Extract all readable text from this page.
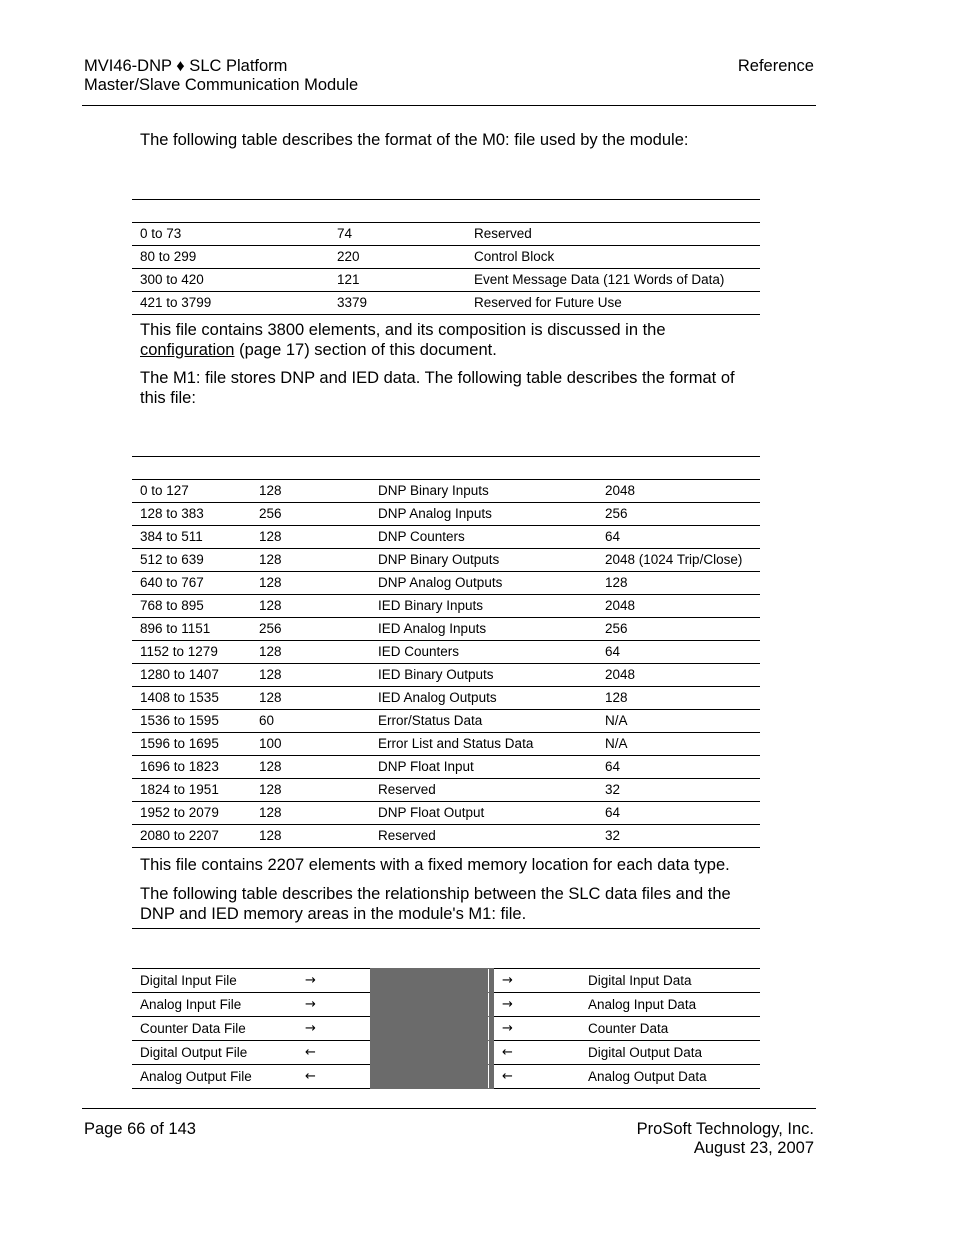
MVI46-DNP ♦ SLC Platform
Master/Slave Communication Module
Reference

The following table describes the format of the M0: file used by the module:

0 to 73	74	Reserved
80 to 299	220	Control Block
300 to 420	121	Event Message Data (121 Words of Data)
421 to 3799	3379	Reserved for Future Use

This file contains 3800 elements, and its composition is discussed in the
configuration (page 17) section of this document.

The M1: file stores DNP and IED data. The following table describes the format of this file:

0 to 127	128	DNP Binary Inputs	2048
128 to 383	256	DNP Analog Inputs	256
384 to 511	128	DNP Counters	64
512 to 639	128	DNP Binary Outputs	2048 (1024 Trip/Close)
640 to 767	128	DNP Analog Outputs	128
768 to 895	128	IED Binary Inputs	2048
896 to 1151	256	IED Analog Inputs	256
1152 to 1279	128	IED Counters	64
1280 to 1407	128	IED Binary Outputs	2048
1408 to 1535	128	IED Analog Outputs	128
1536 to 1595	60	Error/Status Data	N/A
1596 to 1695	100	Error List and Status Data	N/A
1696 to 1823	128	DNP Float Input	64
1824 to 1951	128	Reserved	32
1952 to 2079	128	DNP Float Output	64
2080 to 2207	128	Reserved	32

This file contains 2207 elements with a fixed memory location for each data type.

The following table describes the relationship between the SLC data files and the DNP and IED memory areas in the module's M1: file.

Digital Input File	→			→	Digital Input Data
Analog Input File	→			→	Analog Input Data
Counter Data File	→			→	Counter Data
Digital Output File	←			←	Digital Output Data
Analog Output File	←			←	Analog Output Data
Page 66 of 143	ProSoft Technology, Inc.
August 23, 2007
